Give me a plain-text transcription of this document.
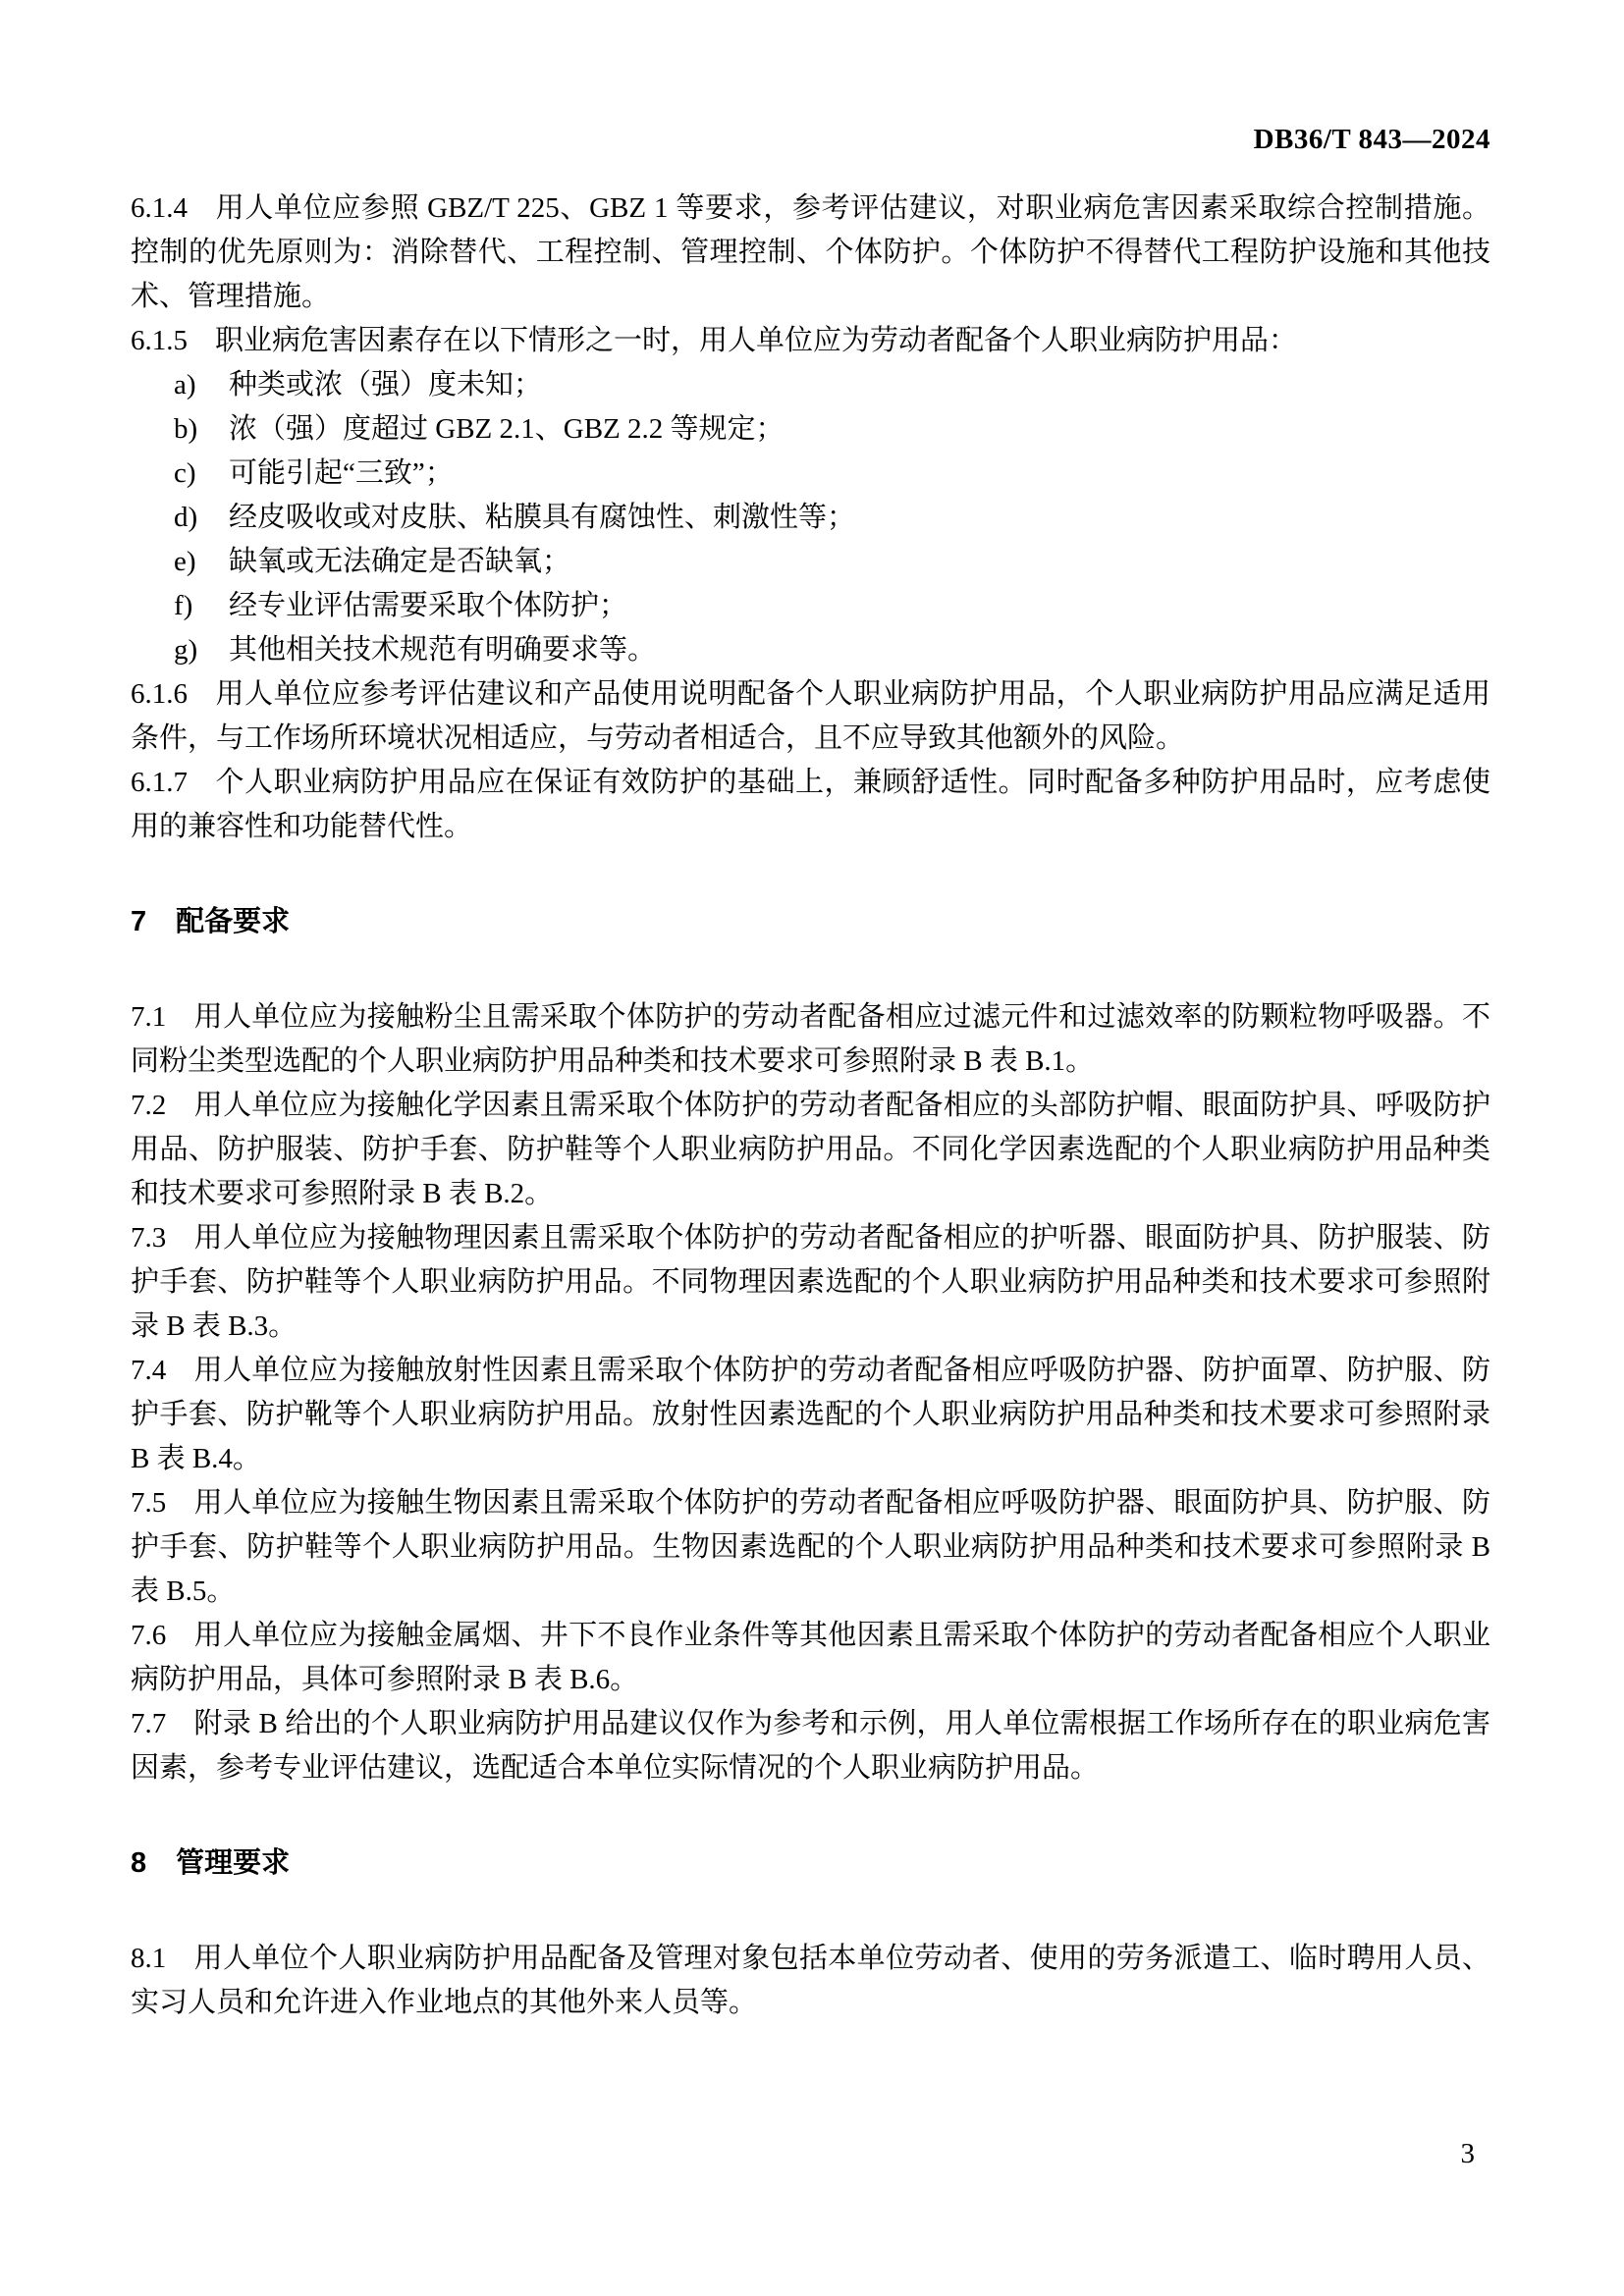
DB36/T 843—2024

6.1.4 用人单位应参照 GBZ/T 225、GBZ 1 等要求，参考评估建议，对职业病危害因素采取综合控制措施。控制的优先原则为：消除替代、工程控制、管理控制、个体防护。个体防护不得替代工程防护设施和其他技术、管理措施。

6.1.5 职业病危害因素存在以下情形之一时，用人单位应为劳动者配备个人职业病防护用品：

a) 种类或浓（强）度未知；
b) 浓（强）度超过 GBZ 2.1、GBZ 2.2 等规定；
c) 可能引起“三致”；
d) 经皮吸收或对皮肤、粘膜具有腐蚀性、刺激性等；
e) 缺氧或无法确定是否缺氧；
f) 经专业评估需要采取个体防护；
g) 其他相关技术规范有明确要求等。

6.1.6 用人单位应参考评估建议和产品使用说明配备个人职业病防护用品，个人职业病防护用品应满足适用条件，与工作场所环境状况相适应，与劳动者相适合，且不应导致其他额外的风险。

6.1.7 个人职业病防护用品应在保证有效防护的基础上，兼顾舒适性。同时配备多种防护用品时，应考虑使用的兼容性和功能替代性。

7 配备要求

7.1 用人单位应为接触粉尘且需采取个体防护的劳动者配备相应过滤元件和过滤效率的防颗粒物呼吸器。不同粉尘类型选配的个人职业病防护用品种类和技术要求可参照附录 B 表 B.1。

7.2 用人单位应为接触化学因素且需采取个体防护的劳动者配备相应的头部防护帽、眼面防护具、呼吸防护用品、防护服装、防护手套、防护鞋等个人职业病防护用品。不同化学因素选配的个人职业病防护用品种类和技术要求可参照附录 B 表 B.2。

7.3 用人单位应为接触物理因素且需采取个体防护的劳动者配备相应的护听器、眼面防护具、防护服装、防护手套、防护鞋等个人职业病防护用品。不同物理因素选配的个人职业病防护用品种类和技术要求可参照附录 B 表 B.3。

7.4 用人单位应为接触放射性因素且需采取个体防护的劳动者配备相应呼吸防护器、防护面罩、防护服、防护手套、防护靴等个人职业病防护用品。放射性因素选配的个人职业病防护用品种类和技术要求可参照附录 B 表 B.4。

7.5 用人单位应为接触生物因素且需采取个体防护的劳动者配备相应呼吸防护器、眼面防护具、防护服、防护手套、防护鞋等个人职业病防护用品。生物因素选配的个人职业病防护用品种类和技术要求可参照附录 B 表 B.5。

7.6 用人单位应为接触金属烟、井下不良作业条件等其他因素且需采取个体防护的劳动者配备相应个人职业病防护用品，具体可参照附录 B 表 B.6。

7.7 附录 B 给出的个人职业病防护用品建议仅作为参考和示例，用人单位需根据工作场所存在的职业病危害因素，参考专业评估建议，选配适合本单位实际情况的个人职业病防护用品。

8 管理要求

8.1 用人单位个人职业病防护用品配备及管理对象包括本单位劳动者、使用的劳务派遣工、临时聘用人员、实习人员和允许进入作业地点的其他外来人员等。

3
